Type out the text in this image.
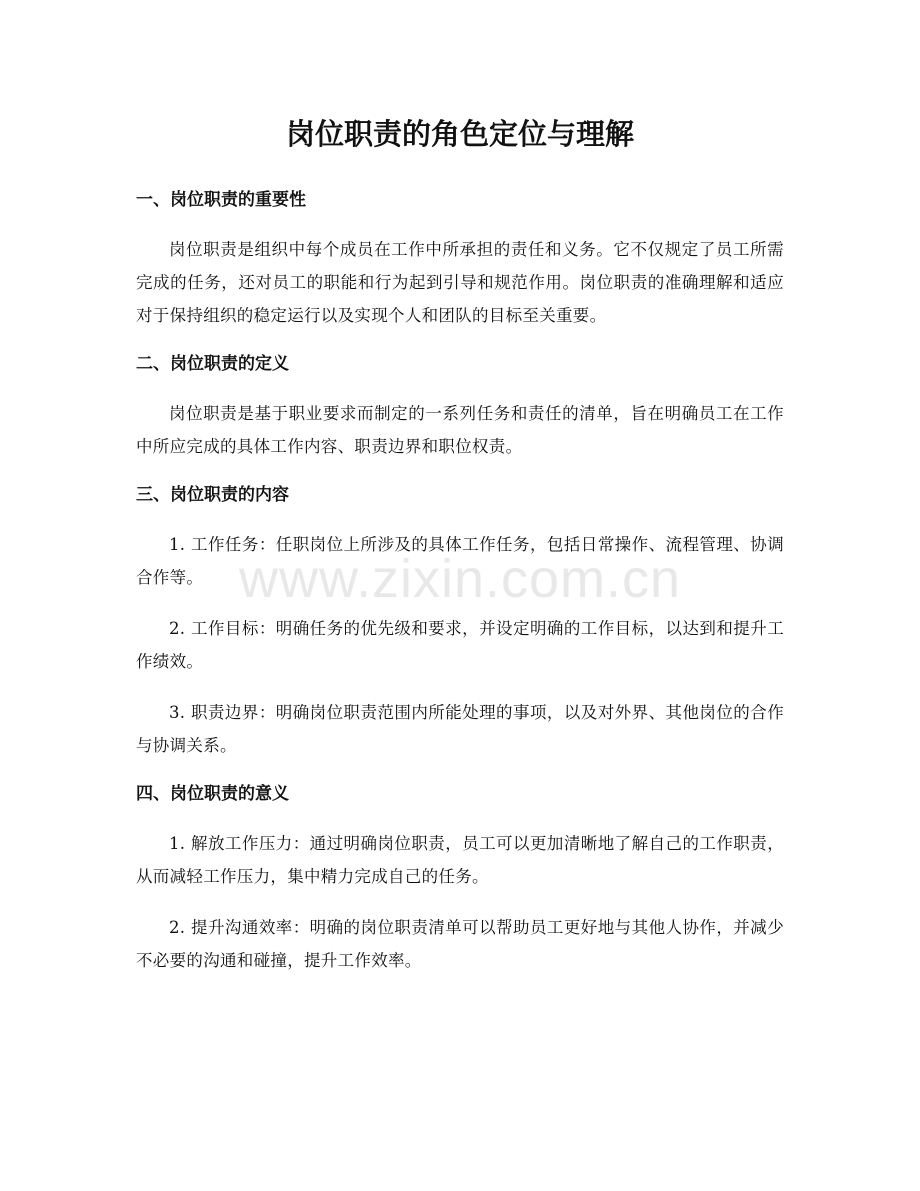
www.zixin.com.cn
岗位职责的角色定位与理解
一、岗位职责的重要性

岗位职责是组织中每个成员在工作中所承担的责任和义务。它不仅规定了员工所需完成的任务，还对员工的职能和行为起到引导和规范作用。岗位职责的准确理解和适应对于保持组织的稳定运行以及实现个人和团队的目标至关重要。

二、岗位职责的定义

岗位职责是基于职业要求而制定的一系列任务和责任的清单，旨在明确员工在工作中所应完成的具体工作内容、职责边界和职位权责。

三、岗位职责的内容

1. 工作任务：任职岗位上所涉及的具体工作任务，包括日常操作、流程管理、协调合作等。

2. 工作目标：明确任务的优先级和要求，并设定明确的工作目标，以达到和提升工作绩效。

3. 职责边界：明确岗位职责范围内所能处理的事项，以及对外界、其他岗位的合作与协调关系。

四、岗位职责的意义

1. 解放工作压力：通过明确岗位职责，员工可以更加清晰地了解自己的工作职责，从而减轻工作压力，集中精力完成自己的任务。

2. 提升沟通效率：明确的岗位职责清单可以帮助员工更好地与其他人协作，并减少不必要的沟通和碰撞，提升工作效率。
